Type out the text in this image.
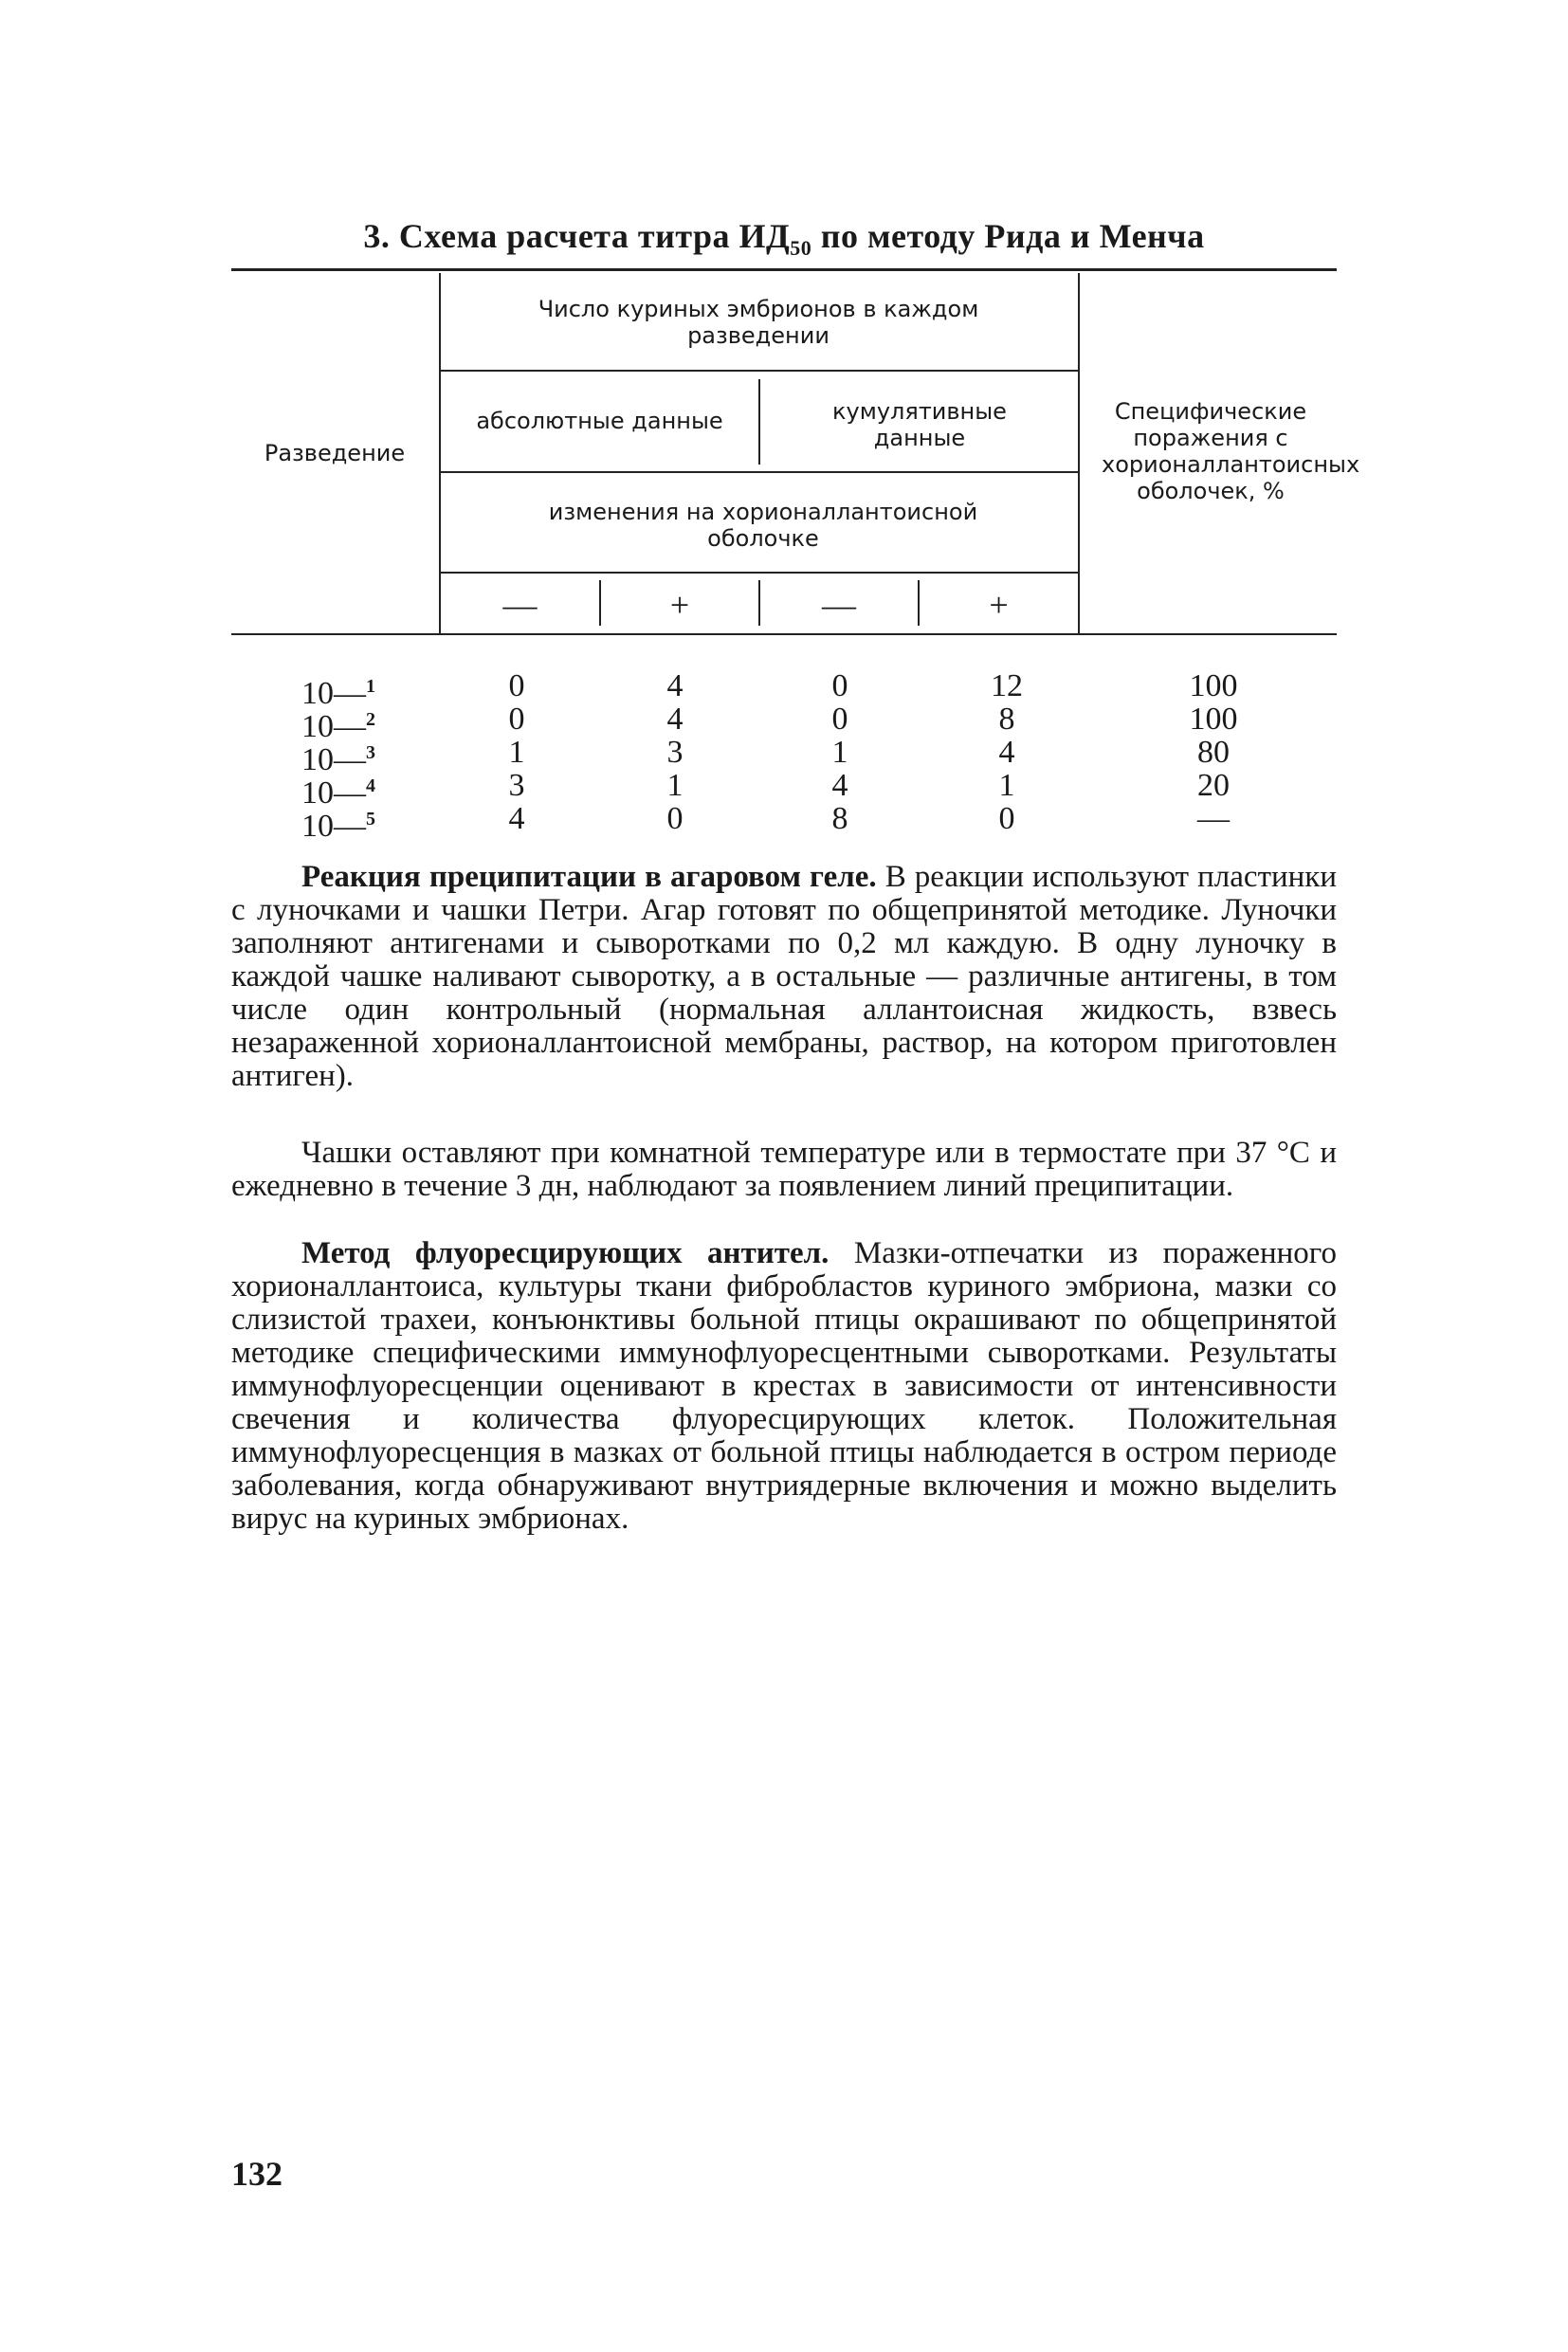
3. Схема расчета титра $ИД_{50}$ по методу Рида и Менча
Разведение
Число куриных эмбрионов в каждом разведении
абсолютные данные	кумулятивные данные
изменения на хорионаллантоисной оболочке
Специфические поражения с хорионаллантоисных оболочек, %
—	+	—	+
10—$^1$	0	4	0	12	100
10—$^2$	0	4	0	8	100
10—$^3$	1	3	1	4	80
10—$^4$	3	1	4	1	20
10—$^5$	4	0	8	0	—

Реакция преципитации в агаровом геле. В реакции используют пластинки с луночками и чашки Петри. Агар готовят по общепринятой методике. Луночки заполняют антигенами и сыворотками по 0,2 мл каждую. В одну луночку в каждой чашке наливают сыворотку, а в остальные — различные антигены, в том числе один контрольный (нормальная аллантоисная жидкость, взвесь незараженной хорионаллантоисной мембраны, раствор, на котором приготовлен антиген).

Чашки оставляют при комнатной температуре или в термостате при 37 °С и ежедневно в течение 3 дн, наблюдают за появлением линий преципитации.

Метод флуоресцирующих антител. Мазки-отпечатки из пораженного хорионаллантоиса, культуры ткани фибробластов куриного эмбриона, мазки со слизистой трахеи, конъюнктивы больной птицы окрашивают по общепринятой методике специфическими иммунофлуоресцентными сыворотками. Результаты иммунофлуоресценции оценивают в крестах в зависимости от интенсивности свечения и количества флуоресцирующих клеток. Положительная иммунофлуоресценция в мазках от больной птицы наблюдается в остром периоде заболевания, когда обнаруживают внутриядерные включения и можно выделить вирус на куриных эмбрионах.

132
